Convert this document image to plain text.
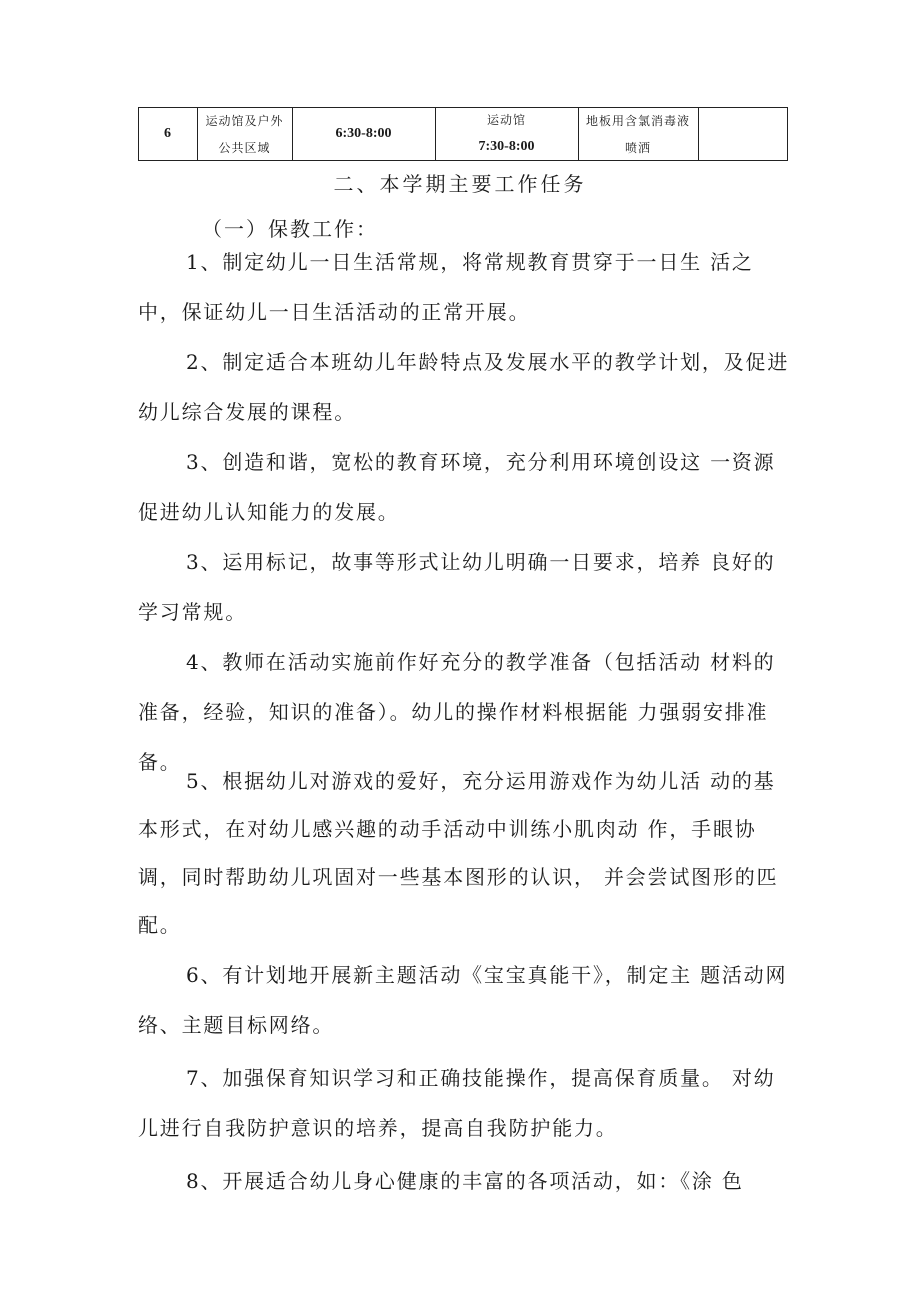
6
运动馆及户外
公共区域
6:30-8:00
运动馆
7:30-8:00
地板用含氯消毒液
喷洒
二、本学期主要工作任务
（一）保教工作：

1、制定幼儿一日生活常规，将常规教育贯穿于一日生 活之中，保证幼儿一日生活活动的正常开展。

2、制定适合本班幼儿年龄特点及发展水平的教学计划，及促进幼儿综合发展的课程。

3、创造和谐，宽松的教育环境，充分利用环境创设这 一资源促进幼儿认知能力的发展。

3、运用标记，故事等形式让幼儿明确一日要求，培养 良好的学习常规。

4、教师在活动实施前作好充分的教学准备（包括活动 材料的准备，经验，知识的准备）。幼儿的操作材料根据能 力强弱安排准备。

5、根据幼儿对游戏的爱好，充分运用游戏作为幼儿活 动的基本形式，在对幼儿感兴趣的动手活动中训练小肌肉动 作，手眼协调，同时帮助幼儿巩固对一些基本图形的认识， 并会尝试图形的匹配。

6、有计划地开展新主题活动《宝宝真能干》，制定主 题活动网络、主题目标网络。

7、加强保育知识学习和正确技能操作，提高保育质量。 对幼儿进行自我防护意识的培养，提高自我防护能力。

8、开展适合幼儿身心健康的丰富的各项活动，如：《涂 色
